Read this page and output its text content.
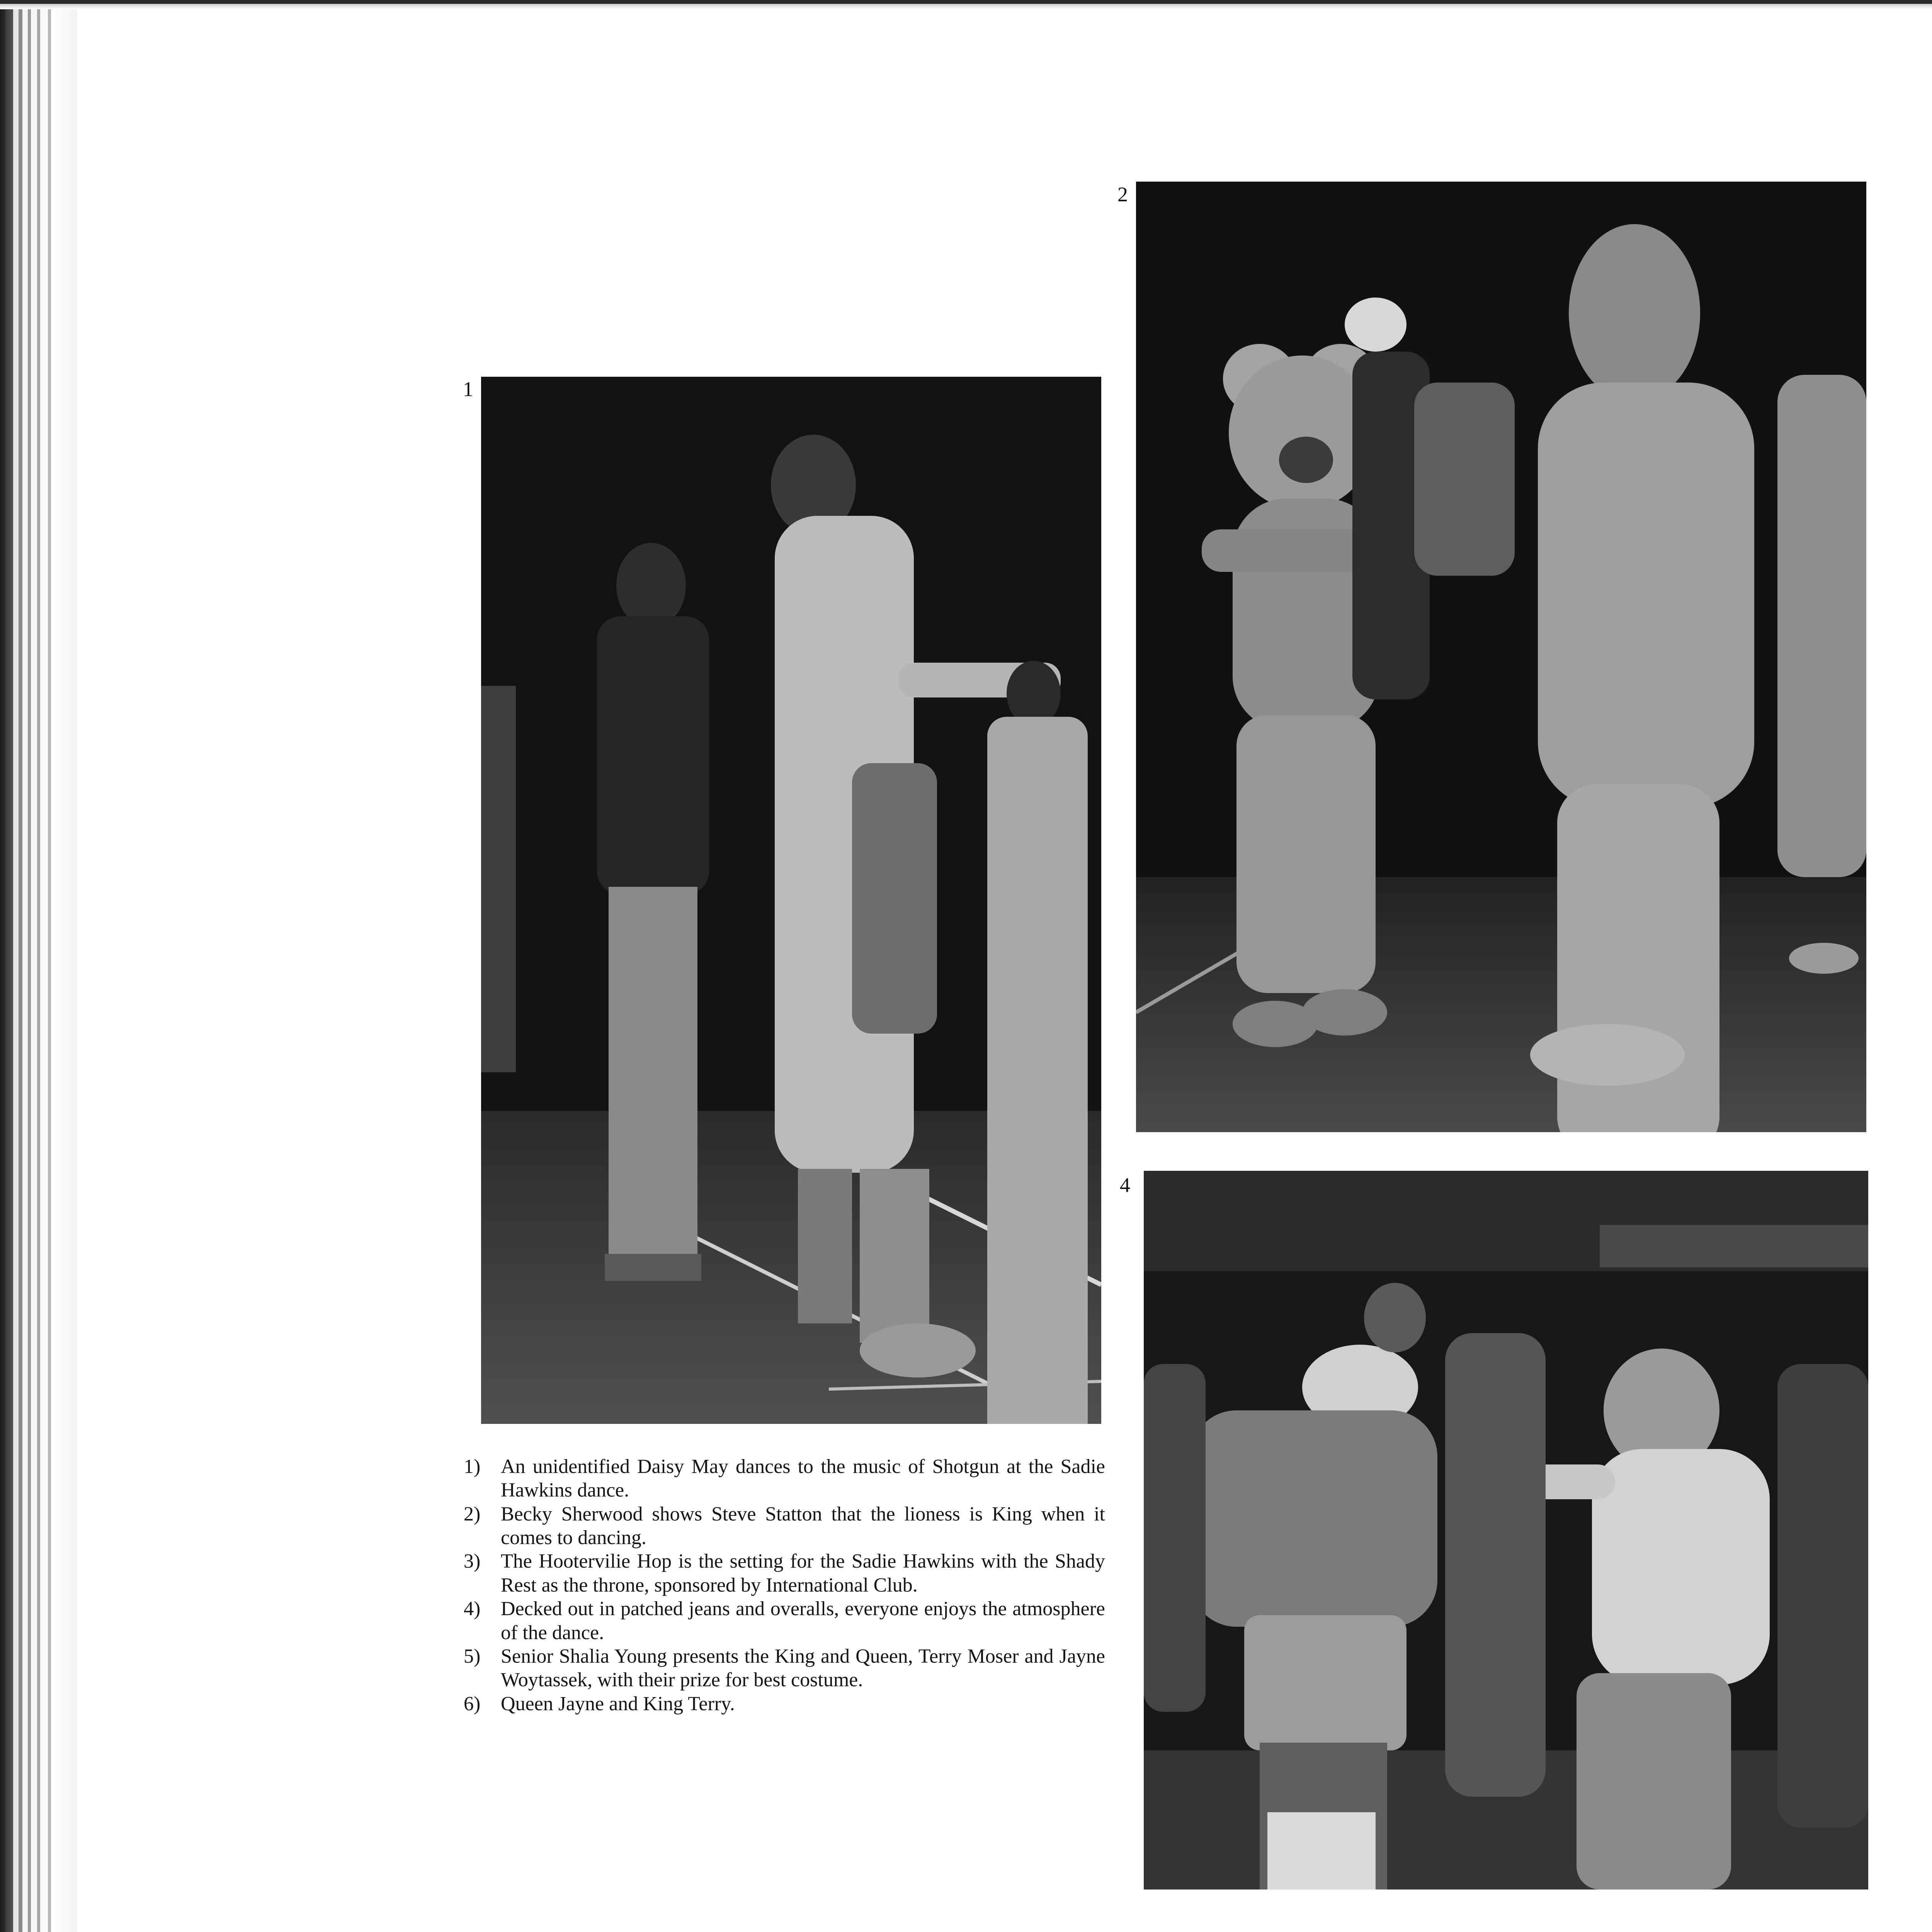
1
2
4
1)	An unidentified Daisy May dances to the music of Shotgun at the Sadie Hawkins dance.
2)	Becky Sherwood shows Steve Statton that the lioness is King when it comes to dancing.
3)	The Hootervilie Hop is the setting for the Sadie Hawkins with the Shady Rest as the throne, sponsored by International Club.
4)	Decked out in patched jeans and overalls, everyone enjoys the atmosphere of the dance.
5)	Senior Shalia Young presents the King and Queen, Terry Moser and Jayne Woytassek, with their prize for best costume.
6)	Queen Jayne and King Terry.
